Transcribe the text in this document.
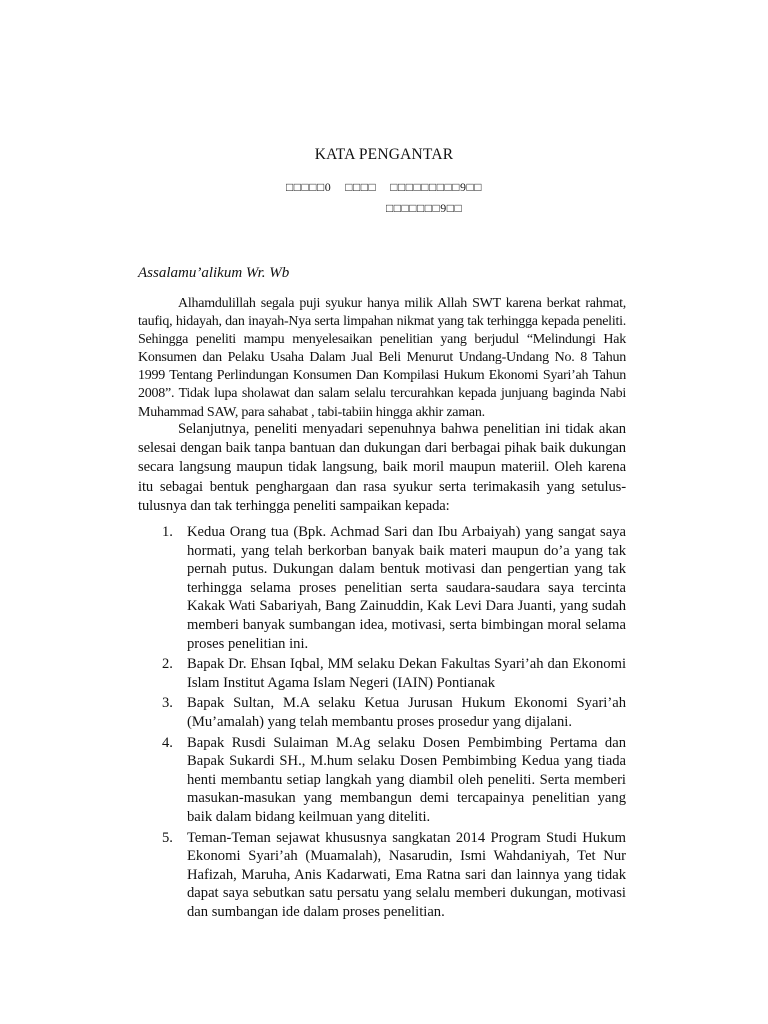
KATA PENGANTAR
□□□□□0    □□□□    □□□□□□□□□9□□
□□□□□□□9□□
Assalamu’alikum Wr. Wb

Alhamdulillah segala puji syukur hanya milik Allah SWT karena berkat rahmat, taufiq, hidayah, dan inayah-Nya serta limpahan nikmat yang tak terhingga kepada peneliti. Sehingga peneliti mampu menyelesaikan penelitian yang berjudul “Melindungi Hak Konsumen dan Pelaku Usaha Dalam Jual Beli Menurut Undang-Undang No. 8 Tahun 1999 Tentang Perlindungan Konsumen Dan Kompilasi Hukum Ekonomi Syari’ah Tahun 2008”. Tidak lupa sholawat dan salam selalu tercurahkan kepada junjuang baginda Nabi Muhammad SAW, para sahabat , tabi-tabiin hingga akhir zaman.

Selanjutnya, peneliti menyadari sepenuhnya bahwa penelitian ini tidak akan selesai dengan baik tanpa bantuan dan dukungan dari berbagai pihak baik dukungan secara langsung maupun tidak langsung, baik moril maupun materiil. Oleh karena itu sebagai bentuk penghargaan dan rasa syukur serta terimakasih yang setulus-tulusnya dan tak terhingga peneliti sampaikan kepada:

1. Kedua Orang tua (Bpk. Achmad Sari dan Ibu Arbaiyah) yang sangat saya hormati, yang telah berkorban banyak baik materi maupun do’a yang tak pernah putus. Dukungan dalam bentuk motivasi dan pengertian yang tak terhingga selama proses penelitian serta saudara-saudara saya tercinta Kakak Wati Sabariyah, Bang Zainuddin, Kak Levi Dara Juanti, yang sudah memberi banyak sumbangan idea, motivasi, serta bimbingan moral selama proses penelitian ini.
2. Bapak Dr. Ehsan Iqbal, MM selaku Dekan Fakultas Syari’ah dan Ekonomi Islam Institut Agama Islam Negeri (IAIN) Pontianak
3. Bapak Sultan, M.A selaku Ketua Jurusan Hukum Ekonomi Syari’ah (Mu’amalah) yang telah membantu proses prosedur yang dijalani.
4. Bapak Rusdi Sulaiman M.Ag selaku Dosen Pembimbing Pertama dan Bapak Sukardi SH., M.hum selaku Dosen Pembimbing Kedua yang tiada henti membantu setiap langkah yang diambil oleh peneliti. Serta memberi masukan-masukan yang membangun demi tercapainya penelitian yang baik dalam bidang keilmuan yang diteliti.
5. Teman-Teman sejawat khususnya sangkatan 2014 Program Studi Hukum Ekonomi Syari’ah (Muamalah), Nasarudin, Ismi Wahdaniyah, Tet Nur Hafizah, Maruha, Anis Kadarwati, Ema Ratna sari dan lainnya yang tidak dapat saya sebutkan satu persatu yang selalu memberi dukungan, motivasi dan sumbangan ide dalam proses penelitian.
